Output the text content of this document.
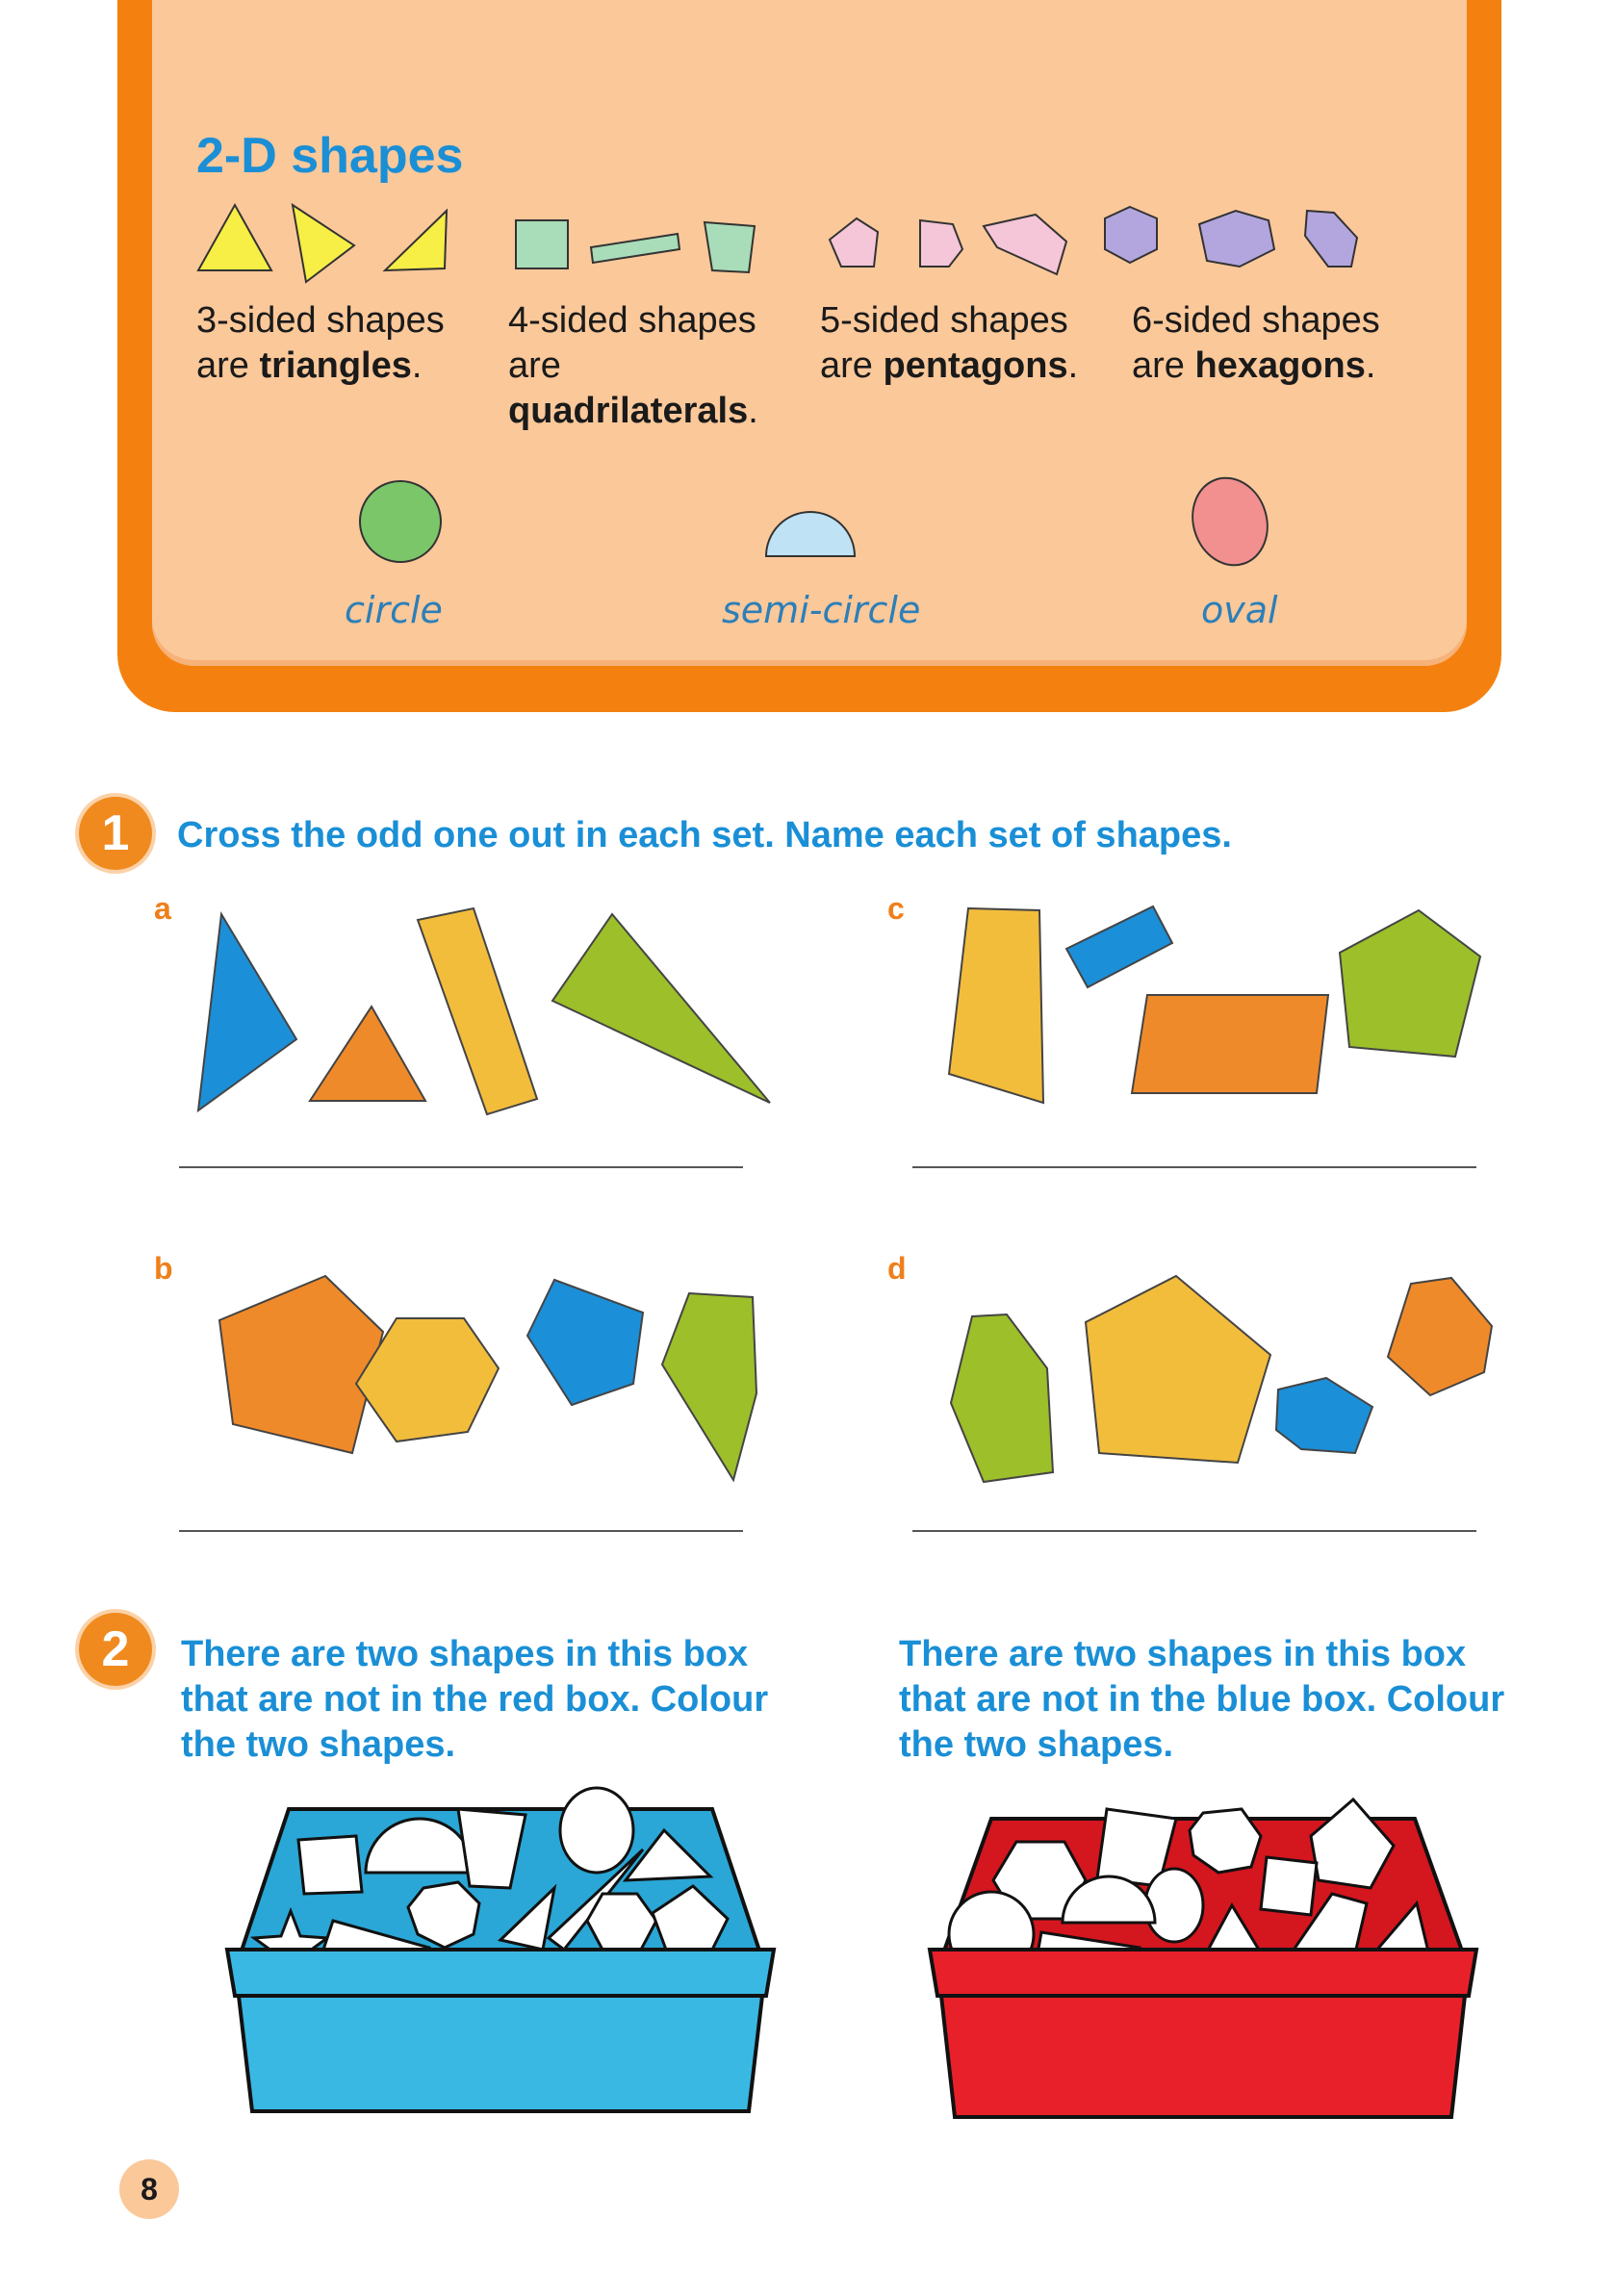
2-D shapes
3-sided shapes are triangles.
4-sided shapes are quadrilaterals.
5-sided shapes are pentagons.
6-sided shapes are hexagons.
circle	semi-circle	oval
1	Cross the odd one out in each set. Name each set of shapes.
a
b
c
d
2	There are two shapes in this box that are not in the red box. Colour the two shapes.
There are two shapes in this box that are not in the blue box. Colour the two shapes.
8
